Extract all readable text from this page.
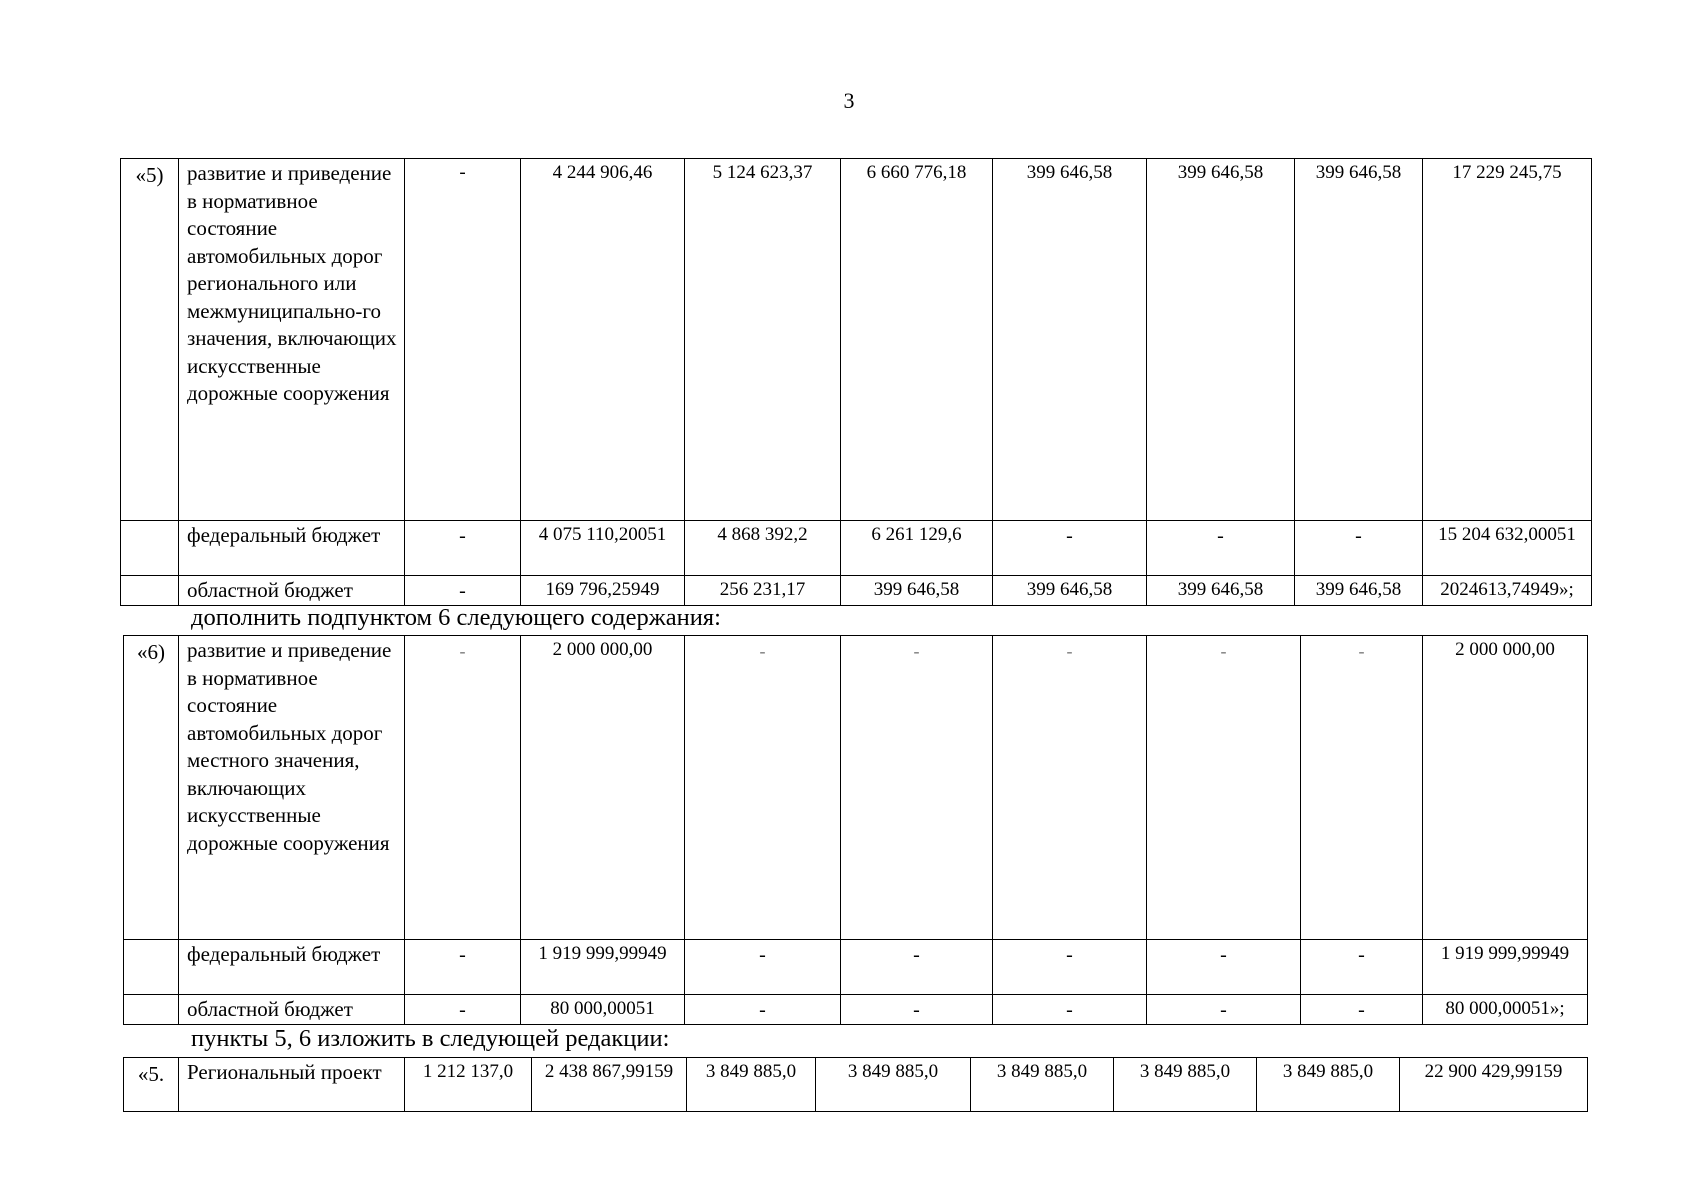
3
«5)	развитие и приведение в нормативное состояние автомобильных дорог регионального или межмуниципально-го значения, включающих искусственные дорожные сооружения	-	4 244 906,46	5 124 623,37	6 660 776,18	399 646,58	399 646,58	399 646,58	17 229 245,75
	федеральный бюджет	-	4 075 110,20051	4 868 392,2	6 261 129,6	-	-	-	15 204 632,00051
	областной бюджет	-	169 796,25949	256 231,17	399 646,58	399 646,58	399 646,58	399 646,58	2024613,74949»;
дополнить подпунктом 6 следующего содержания:
«6)	развитие и приведение в нормативное состояние автомобильных дорог местного значения, включающих искусственные дорожные сооружения	-	2 000 000,00	-	-	-	-	-	2 000 000,00
	федеральный бюджет	-	1 919 999,99949	-	-	-	-	-	1 919 999,99949
	областной бюджет	-	80 000,00051	-	-	-	-	-	80 000,00051»;
пункты 5, 6 изложить в следующей редакции:
«5.	Региональный проект	1 212 137,0	2 438 867,99159	3 849 885,0	3 849 885,0	3 849 885,0	3 849 885,0	3 849 885,0	22 900 429,99159
